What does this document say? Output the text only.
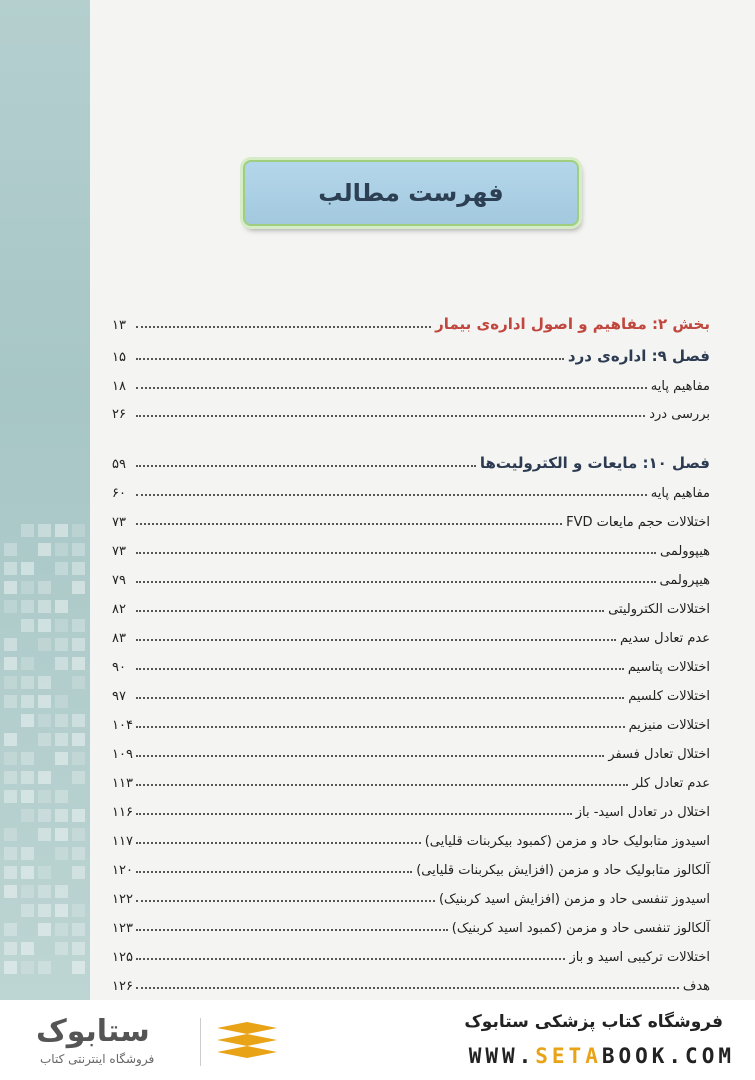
فهرست مطالب
بخش ۲: مفاهیم و اصول اداره‌ی بیمار
۱۳
فصل ۹: اداره‌ی درد
۱۵
مفاهیم پایه
۱۸
بررسی درد
۲۶
فصل ۱۰: مایعات و الکترولیت‌ها
۵۹
مفاهیم پایه
۶۰
اختلالات حجم مایعات FVD
۷۳
هیپوولمی
۷۳
هیپرولمی
۷۹
اختلالات الکترولیتی
۸۲
عدم تعادل سدیم
۸۳
اختلالات پتاسیم
۹۰
اختلالات کلسیم
۹۷
اختلالات منیزیم
۱۰۴
اختلال تعادل فسفر
۱۰۹
عدم تعادل کلر
۱۱۳
اختلال در تعادل اسید- باز
۱۱۶
اسیدوز متابولیک حاد و مزمن (کمبود بیکربنات قلیایی)
۱۱۷
آلکالوز متابولیک حاد و مزمن (افزایش بیکربنات قلیایی)
۱۲۰
اسیدوز تنفسی حاد و مزمن (افزایش اسید کربنیک)
۱۲۲
آلکالوز تنفسی حاد و مزمن (کمبود اسید کربنیک)
۱۲۳
اختلالات ترکیبی اسید و باز
۱۲۵
هدف
۱۲۶
ستابوک
فروشگاه اینترنتی کتاب
فروشگاه کتاب پزشکی ستابوک
WWW.SETABOOK.COM
